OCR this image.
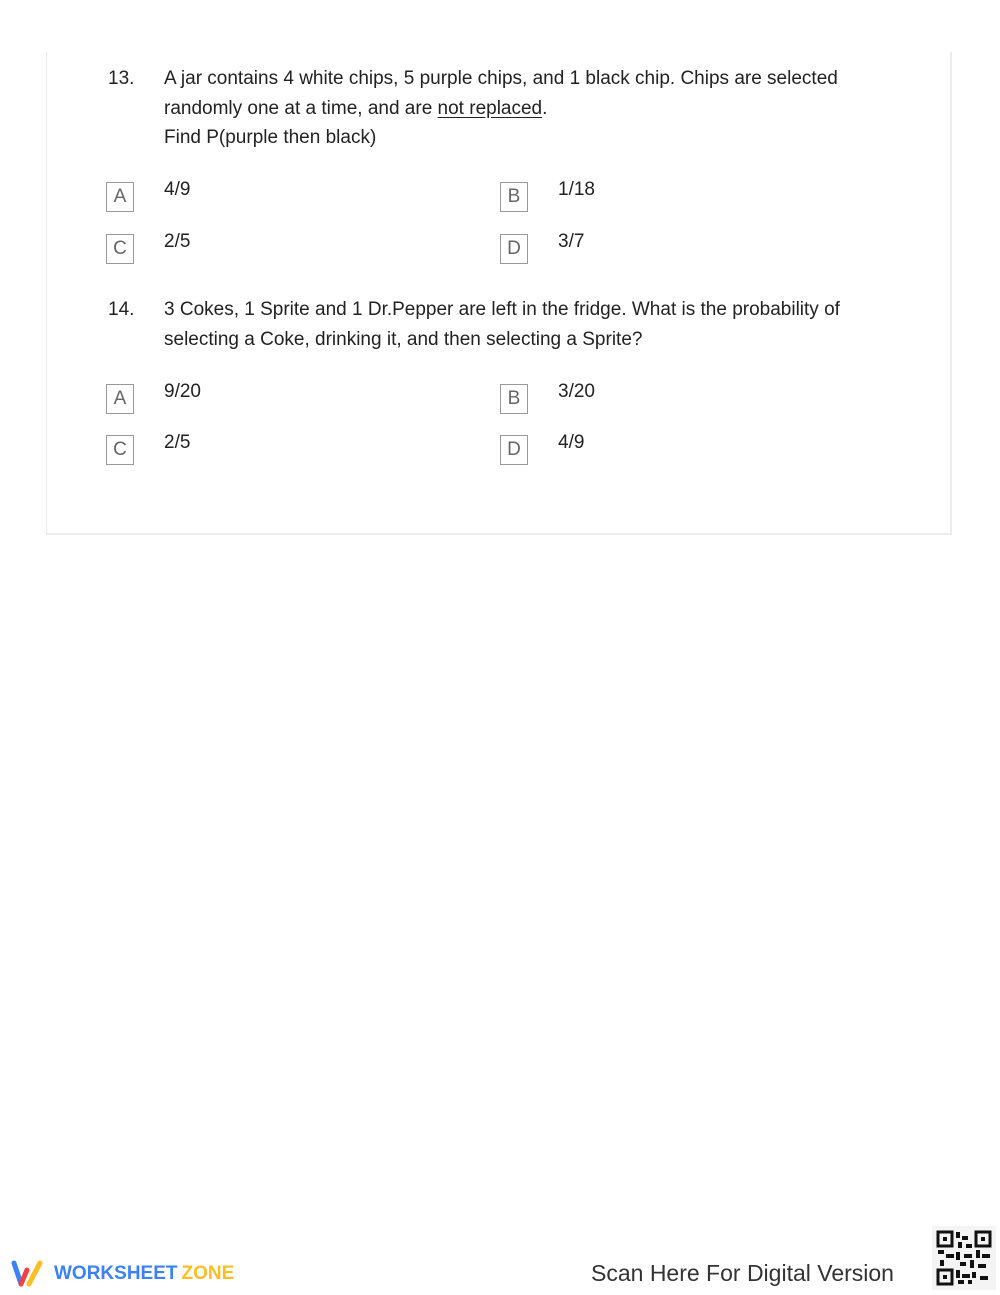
13. A jar contains 4 white chips, 5 purple chips, and 1 black chip. Chips are selected randomly one at a time, and are not replaced.
Find P(purple then black)
A	4/9	B	1/18
C	2/5	D	3/7
14. 3 Cokes, 1 Sprite and 1 Dr.Pepper are left in the fridge. What is the probability of selecting a Coke, drinking it, and then selecting a Sprite?
A	9/20	B	3/20
C	2/5	D	4/9
WORKSHEET ZONE	Scan Here For Digital Version
